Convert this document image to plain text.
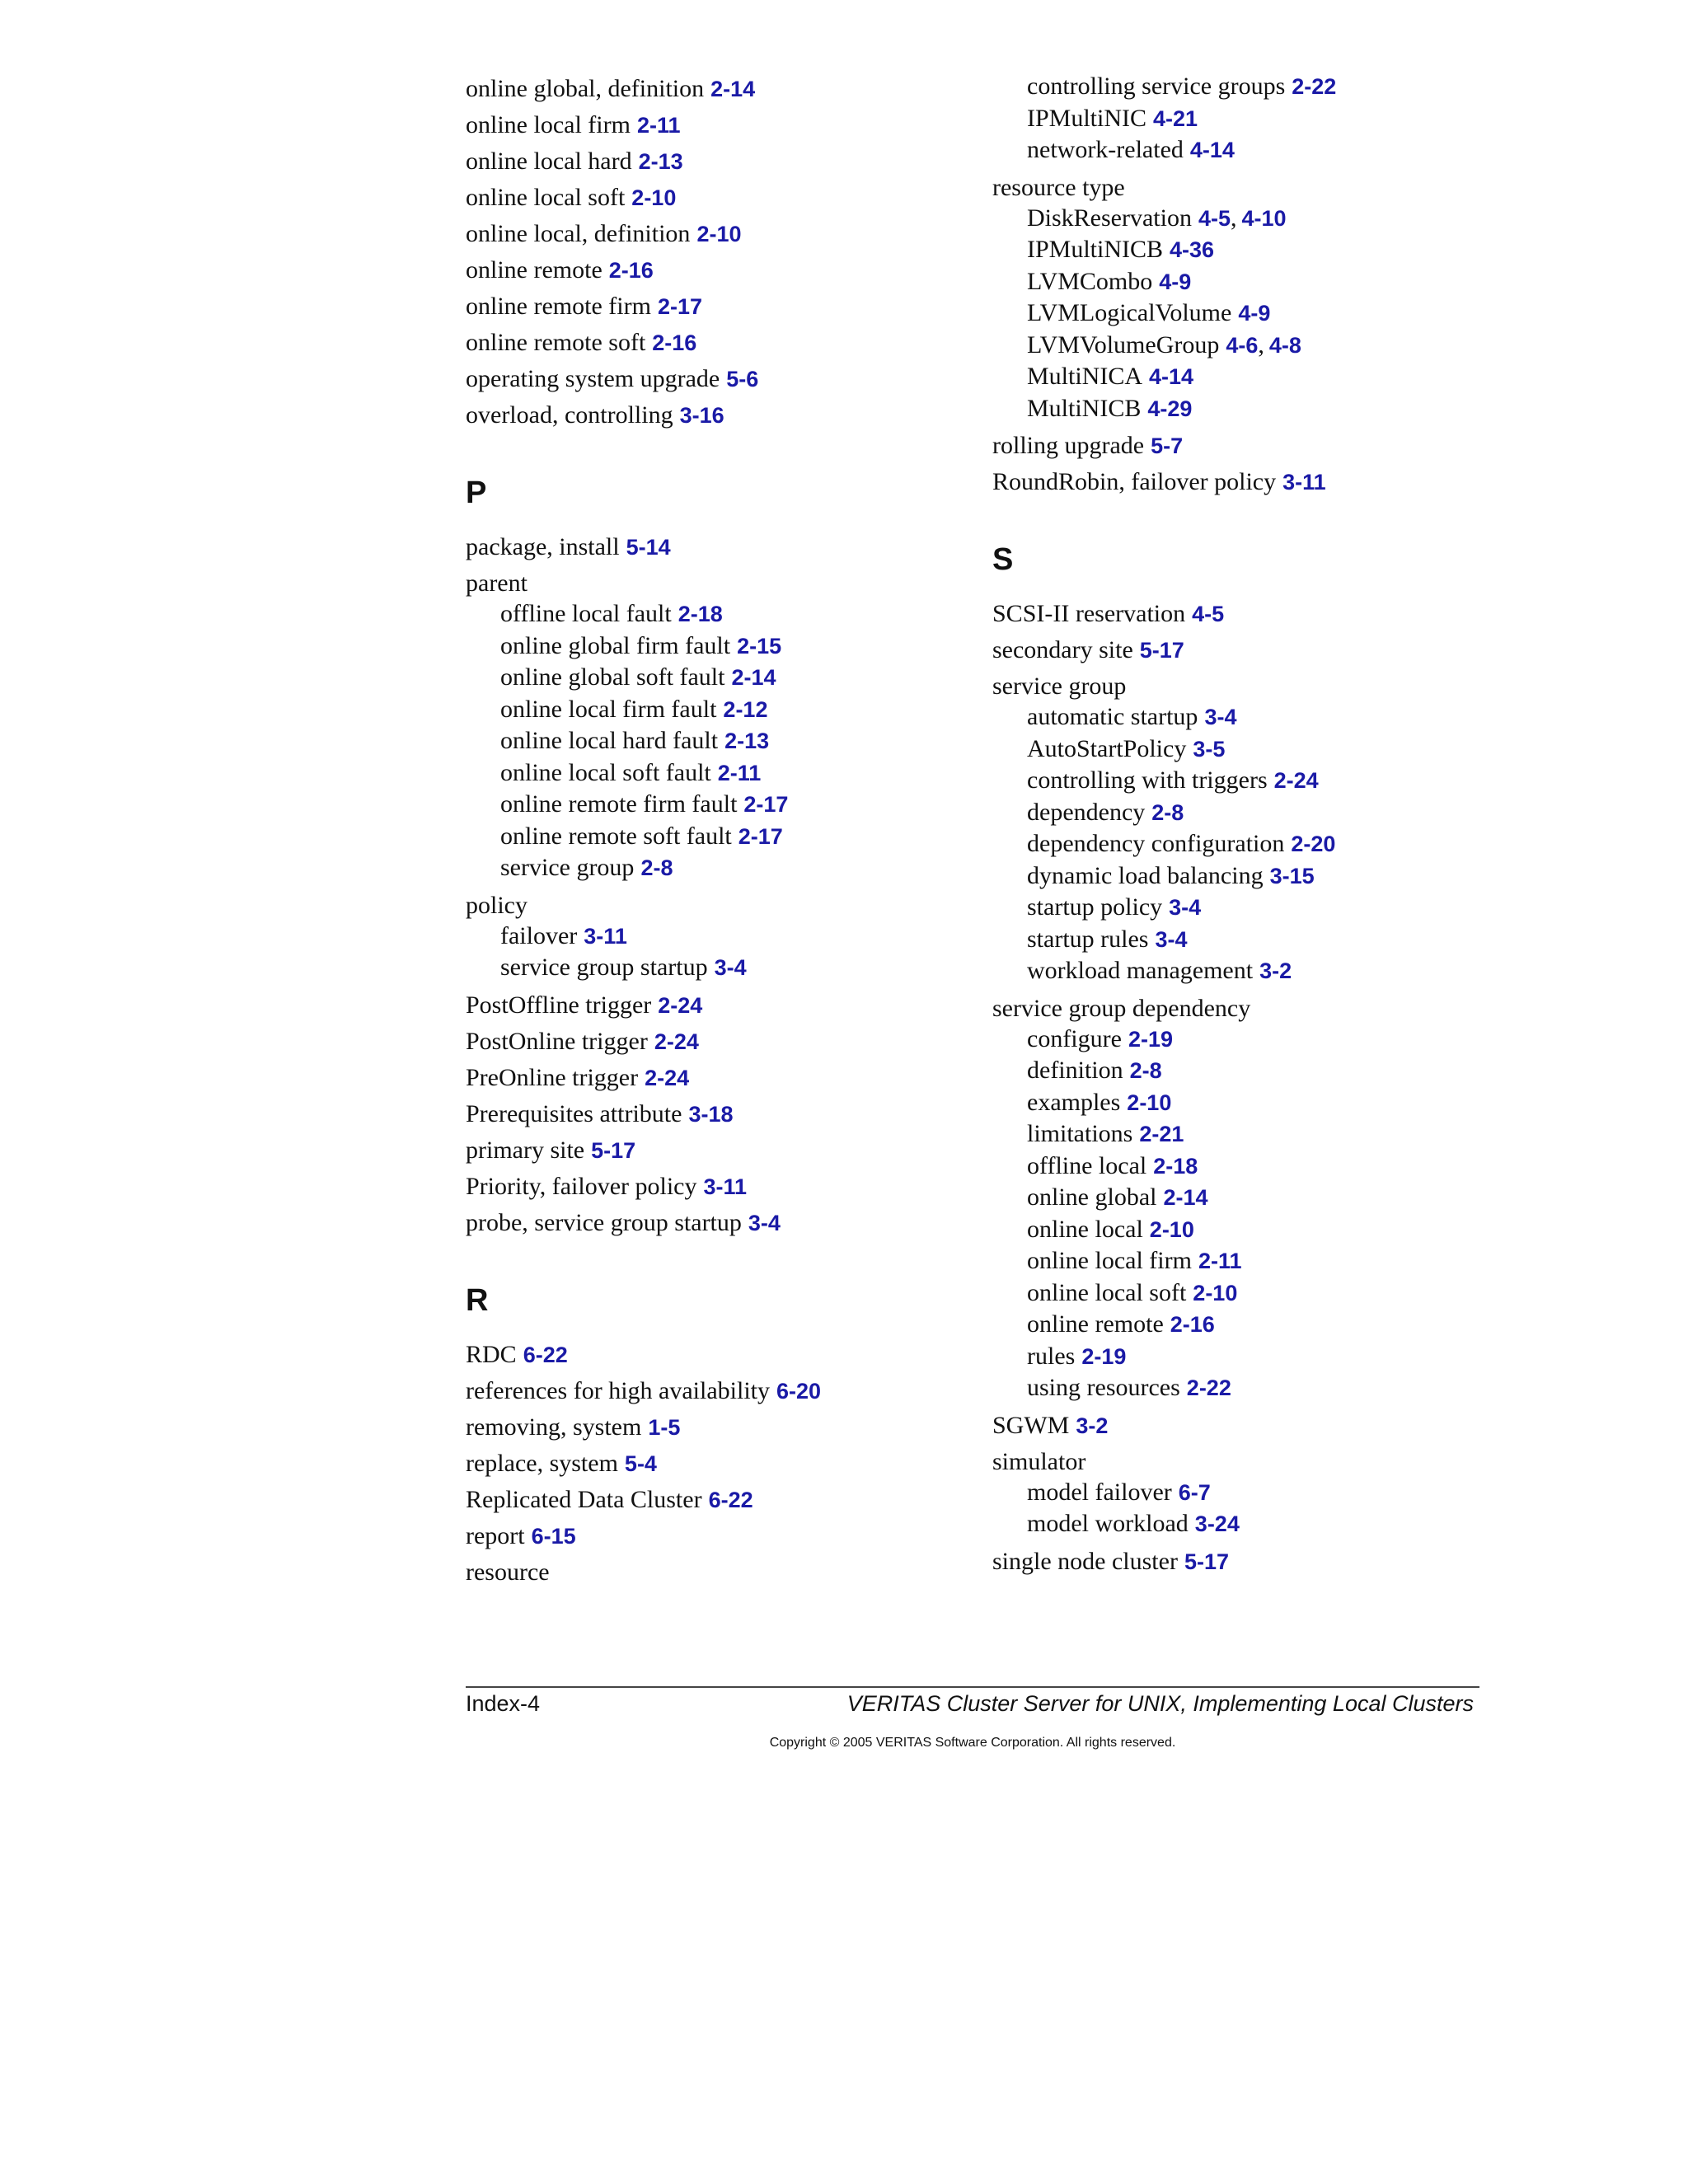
online global, definition 2-14
online local firm 2-11
online local hard 2-13
online local soft 2-10
online local, definition 2-10
online remote 2-16
online remote firm 2-17
online remote soft 2-16
operating system upgrade 5-6
overload, controlling 3-16
P
package, install 5-14
parent
offline local fault 2-18
online global firm fault 2-15
online global soft fault 2-14
online local firm fault 2-12
online local hard fault 2-13
online local soft fault 2-11
online remote firm fault 2-17
online remote soft fault 2-17
service group 2-8
policy
failover 3-11
service group startup 3-4
PostOffline trigger 2-24
PostOnline trigger 2-24
PreOnline trigger 2-24
Prerequisites attribute 3-18
primary site 5-17
Priority, failover policy 3-11
probe, service group startup 3-4
R
RDC 6-22
references for high availability 6-20
removing, system 1-5
replace, system 5-4
Replicated Data Cluster 6-22
report 6-15
resource
controlling service groups 2-22
IPMultiNIC 4-21
network-related 4-14
resource type
DiskReservation 4-5, 4-10
IPMultiNICB 4-36
LVMCombo 4-9
LVMLogicalVolume 4-9
LVMVolumeGroup 4-6, 4-8
MultiNICA 4-14
MultiNICB 4-29
rolling upgrade 5-7
RoundRobin, failover policy 3-11
S
SCSI-II reservation 4-5
secondary site 5-17
service group
automatic startup 3-4
AutoStartPolicy 3-5
controlling with triggers 2-24
dependency 2-8
dependency configuration 2-20
dynamic load balancing 3-15
startup policy 3-4
startup rules 3-4
workload management 3-2
service group dependency
configure 2-19
definition 2-8
examples 2-10
limitations 2-21
offline local 2-18
online global 2-14
online local 2-10
online local firm 2-11
online local soft 2-10
online remote 2-16
rules 2-19
using resources 2-22
SGWM 3-2
simulator
model failover 6-7
model workload 3-24
single node cluster 5-17
Index-4	VERITAS Cluster Server for UNIX, Implementing Local Clusters
Copyright © 2005 VERITAS Software Corporation. All rights reserved.
